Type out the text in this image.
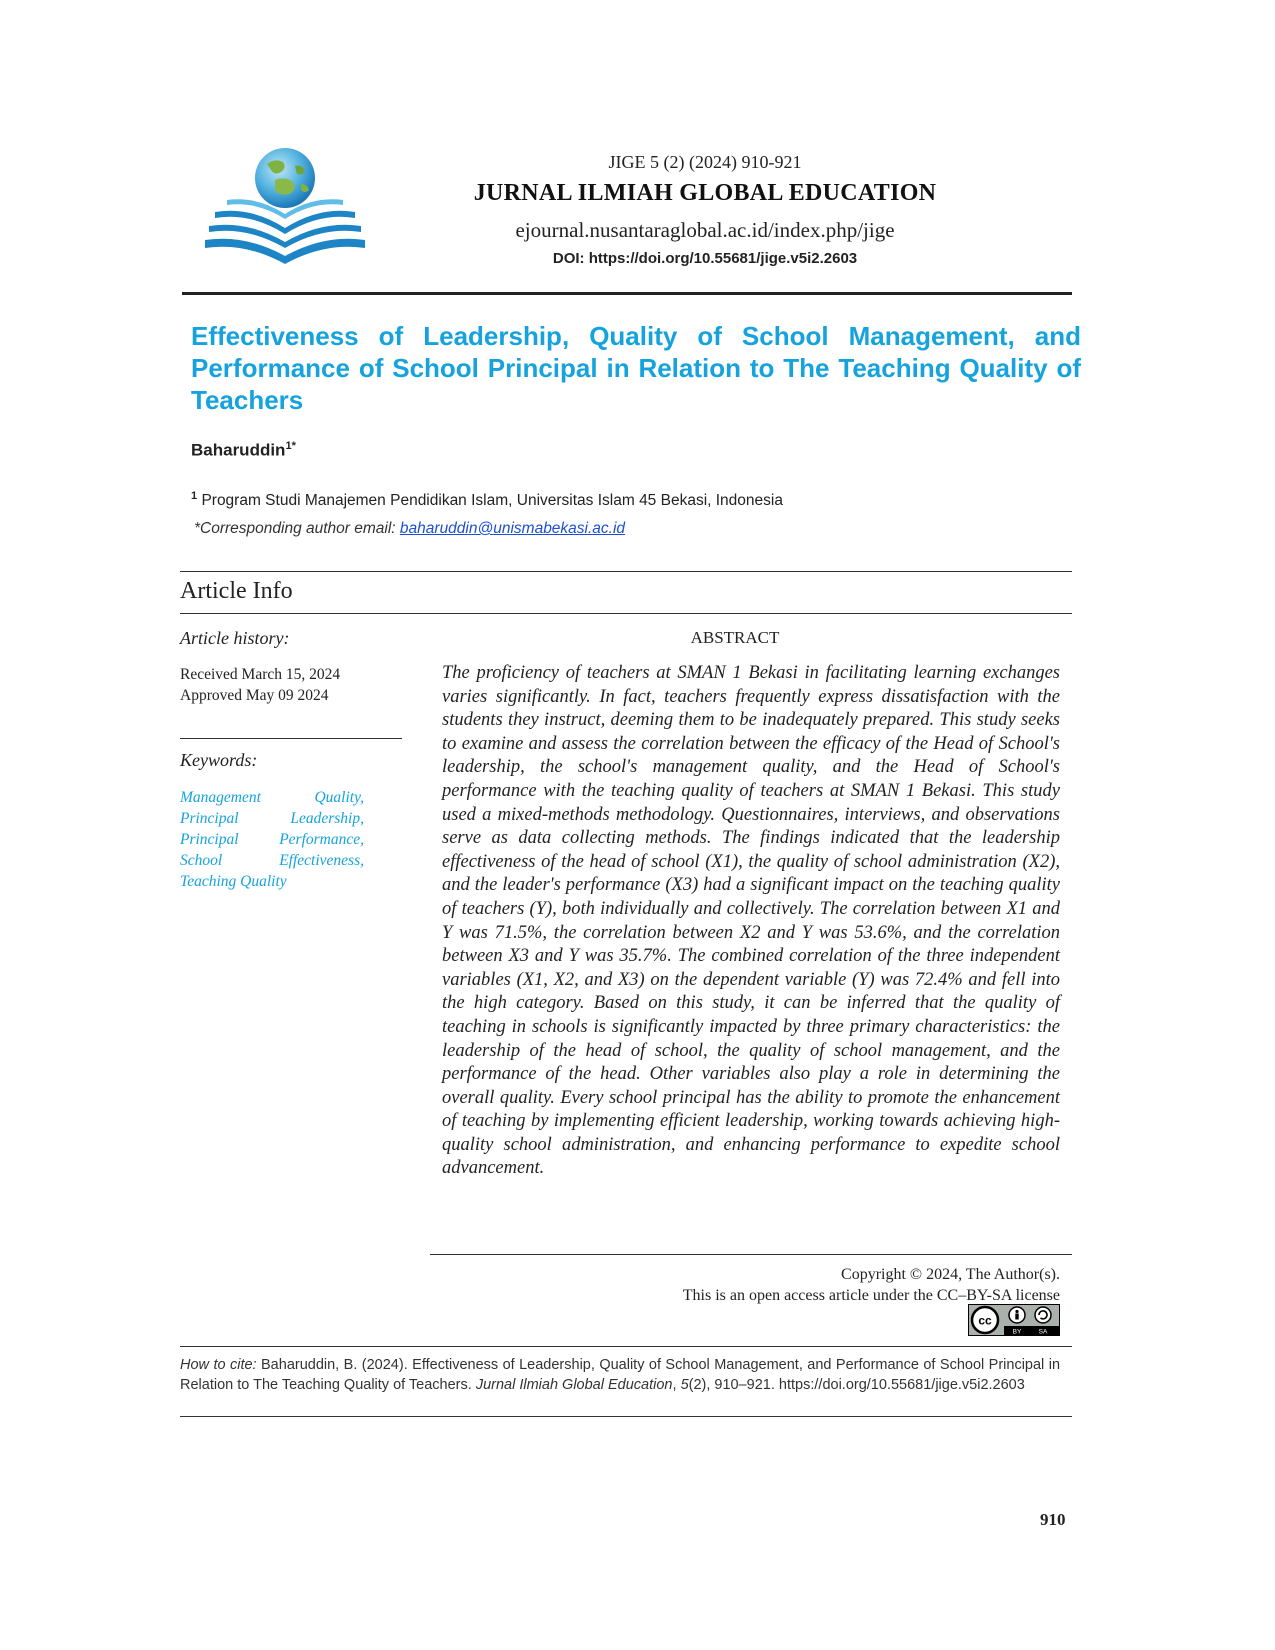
JIGE 5 (2) (2024) 910-921
JURNAL ILMIAH GLOBAL EDUCATION
ejournal.nusantaraglobal.ac.id/index.php/jige
DOI: https://doi.org/10.55681/jige.v5i2.2603
Effectiveness of Leadership, Quality of School Management, and Performance of School Principal in Relation to The Teaching Quality of Teachers
Baharuddin$^{1*}$
$^1$ Program Studi Manajemen Pendidikan Islam, Universitas Islam 45 Bekasi, Indonesia
*Corresponding author email: baharuddin@unismabekasi.ac.id
Article Info
Article history:
Received March 15, 2024
Approved May 09 2024
Keywords:
Management Quality, Principal Leadership, Principal Performance, School Effectiveness, Teaching Quality
ABSTRACT
The proficiency of teachers at SMAN 1 Bekasi in facilitating learning exchanges varies significantly. In fact, teachers frequently express dissatisfaction with the students they instruct, deeming them to be inadequately prepared. This study seeks to examine and assess the correlation between the efficacy of the Head of School's leadership, the school's management quality, and the Head of School's performance with the teaching quality of teachers at SMAN 1 Bekasi. This study used a mixed-methods methodology. Questionnaires, interviews, and observations serve as data collecting methods. The findings indicated that the leadership effectiveness of the head of school (X1), the quality of school administration (X2), and the leader's performance (X3) had a significant impact on the teaching quality of teachers (Y), both individually and collectively. The correlation between X1 and Y was 71.5%, the correlation between X2 and Y was 53.6%, and the correlation between X3 and Y was 35.7%. The combined correlation of the three independent variables (X1, X2, and X3) on the dependent variable (Y) was 72.4% and fell into the high category. Based on this study, it can be inferred that the quality of teaching in schools is significantly impacted by three primary characteristics: the leadership of the head of school, the quality of school management, and the performance of the head. Other variables also play a role in determining the overall quality. Every school principal has the ability to promote the enhancement of teaching by implementing efficient leadership, working towards achieving high-quality school administration, and enhancing performance to expedite school advancement.
Copyright © 2024, The Author(s).
This is an open access article under the CC–BY-SA license
cc
BY	SA
How to cite: Baharuddin, B. (2024). Effectiveness of Leadership, Quality of School Management, and Performance of School Principal in Relation to The Teaching Quality of Teachers. Jurnal Ilmiah Global Education, 5(2), 910–921. https://doi.org/10.55681/jige.v5i2.2603
910
